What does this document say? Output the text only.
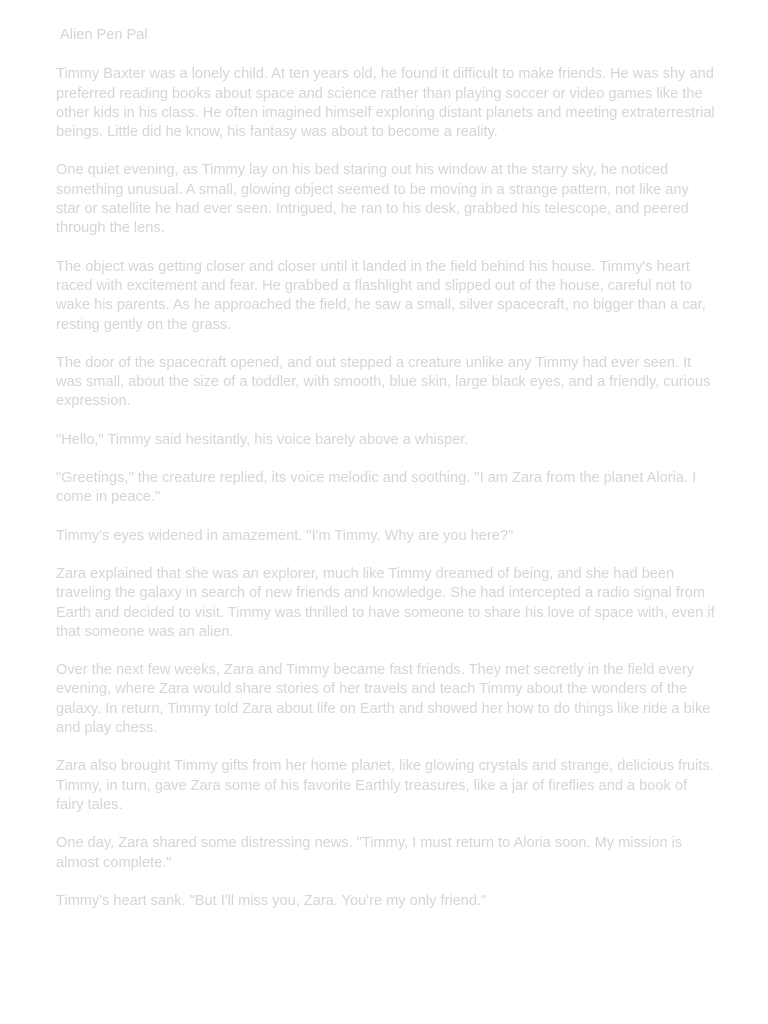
Alien Pen Pal

Timmy Baxter was a lonely child. At ten years old, he found it difficult to make friends. He was shy and preferred reading books about space and science rather than playing soccer or video games like the other kids in his class. He often imagined himself exploring distant planets and meeting extraterrestrial beings. Little did he know, his fantasy was about to become a reality.

One quiet evening, as Timmy lay on his bed staring out his window at the starry sky, he noticed something unusual. A small, glowing object seemed to be moving in a strange pattern, not like any star or satellite he had ever seen. Intrigued, he ran to his desk, grabbed his telescope, and peered through the lens.

The object was getting closer and closer until it landed in the field behind his house. Timmy's heart raced with excitement and fear. He grabbed a flashlight and slipped out of the house, careful not to wake his parents. As he approached the field, he saw a small, silver spacecraft, no bigger than a car, resting gently on the grass.

The door of the spacecraft opened, and out stepped a creature unlike any Timmy had ever seen. It was small, about the size of a toddler, with smooth, blue skin, large black eyes, and a friendly, curious expression.

"Hello," Timmy said hesitantly, his voice barely above a whisper.

"Greetings," the creature replied, its voice melodic and soothing. "I am Zara from the planet Aloria. I come in peace."

Timmy's eyes widened in amazement. "I'm Timmy. Why are you here?"

Zara explained that she was an explorer, much like Timmy dreamed of being, and she had been traveling the galaxy in search of new friends and knowledge. She had intercepted a radio signal from Earth and decided to visit. Timmy was thrilled to have someone to share his love of space with, even if that someone was an alien.

Over the next few weeks, Zara and Timmy became fast friends. They met secretly in the field every evening, where Zara would share stories of her travels and teach Timmy about the wonders of the galaxy. In return, Timmy told Zara about life on Earth and showed her how to do things like ride a bike and play chess.

Zara also brought Timmy gifts from her home planet, like glowing crystals and strange, delicious fruits. Timmy, in turn, gave Zara some of his favorite Earthly treasures, like a jar of fireflies and a book of fairy tales.

One day, Zara shared some distressing news. "Timmy, I must return to Aloria soon. My mission is almost complete."

Timmy's heart sank. "But I'll miss you, Zara. You're my only friend."
